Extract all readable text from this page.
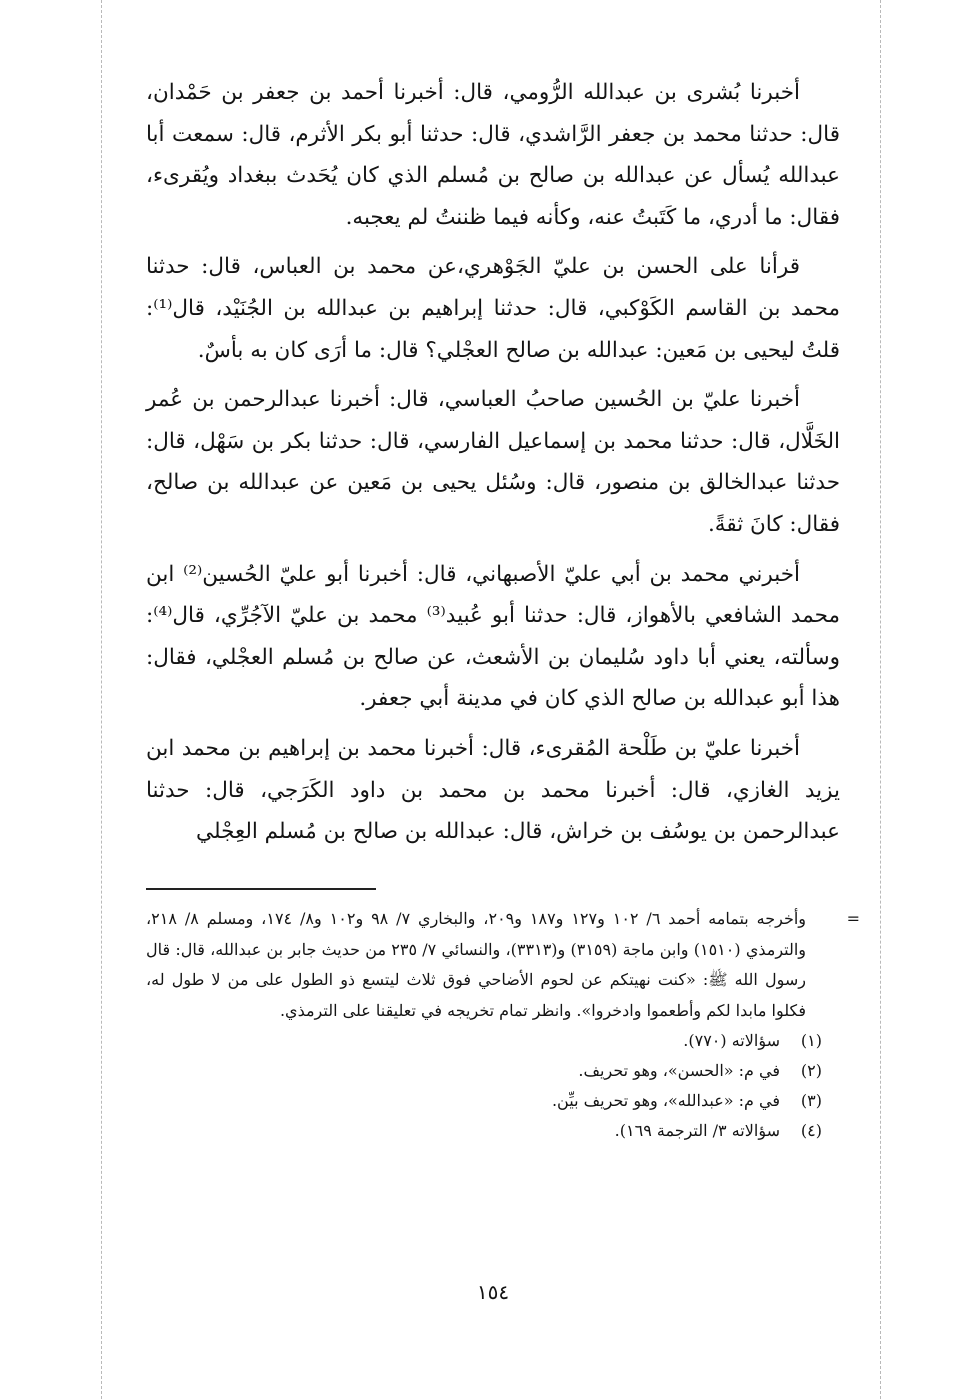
أخبرنا بُشرى بن عبدالله الرُّومي، قال: أخبرنا أحمد بن جعفر بن حَمْدان، قال: حدثنا محمد بن جعفر الرَّاشدي، قال: حدثنا أبو بكر الأثرم، قال: سمعت أبا عبدالله يُسأل عن عبدالله بن صالح بن مُسلم الذي كان يُحَدث ببغداد ويُقرىء، فقال: ما أدري، ما كَتَبتُ عنه، وكأنه فيما ظننتُ لم يعجبه.

قرأنا على الحسن بن عليّ الجَوْهري،عن محمد بن العباس، قال: حدثنا محمد بن القاسم الكَوْكبي، قال: حدثنا إبراهيم بن عبدالله بن الجُنَيْد، قال⁽¹⁾: قلتُ ليحيى بن مَعين: عبدالله بن صالح العجْلي؟ قال: ما أرَى كان به بأسٌ.

أخبرنا عليّ بن الحُسين صاحبُ العباسي، قال: أخبرنا عبدالرحمن بن عُمر الخَلَّال، قال: حدثنا محمد بن إسماعيل الفارسي، قال: حدثنا بكر بن سَهْل، قال: حدثنا عبدالخالق بن منصور، قال: وسُئل يحيى بن مَعين عن عبدالله بن صالح، فقال: كانَ ثقةً.

أخبرني محمد بن أبي عليّ الأصبهاني، قال: أخبرنا أبو عليّ الحُسين⁽²⁾ ابن محمد الشافعي بالأهواز، قال: حدثنا أبو عُبيد⁽³⁾ محمد بن عليّ الآجُرِّي، قال⁽⁴⁾: وسألته، يعني أبا داود سُليمان بن الأشعث، عن صالح بن مُسلم العجْلي، فقال: هذا أبو عبدالله بن صالح الذي كان في مدينة أبي جعفر.

أخبرنا عليّ بن طَلْحة المُقرىء، قال: أخبرنا محمد بن إبراهيم بن محمد ابن يزيد الغازي، قال: أخبرنا محمد بن محمد بن داود الكَرَجي، قال: حدثنا عبدالرحمن بن يوسُف بن خراش، قال: عبدالله بن صالح بن مُسلم العِجْلي

=
وأخرجه بتمامه أحمد ٦/ ١٠٢ و١٢٧ و١٨٧ و٢٠٩، والبخاري ٧/ ٩٨ و١٠٢ و٨/ ١٧٤، ومسلم ٨/ ٢١٨، والترمذي (١٥١٠) وابن ماجة (٣١٥٩) و(٣٣١٣)، والنسائي ٧/ ٢٣٥ من حديث جابر بن عبدالله، قال: قال رسول الله ﷺ: «كنت نهيتكم عن لحوم الأضاحي فوق ثلاث ليتسع ذو الطول على من لا طول له، فكلوا مابدا لكم وأطعموا وادخروا». وانظر تمام تخريجه في تعليقنا على الترمذي.

(١)
سؤالاته (٧٧٠).

(٢)
في م: «الحسن»، وهو تحريف.

(٣)
في م: «عبدالله»، وهو تحريف بيِّن.

(٤)
سؤالاته ٣/ الترجمة ١٦٩).

١٥٤
